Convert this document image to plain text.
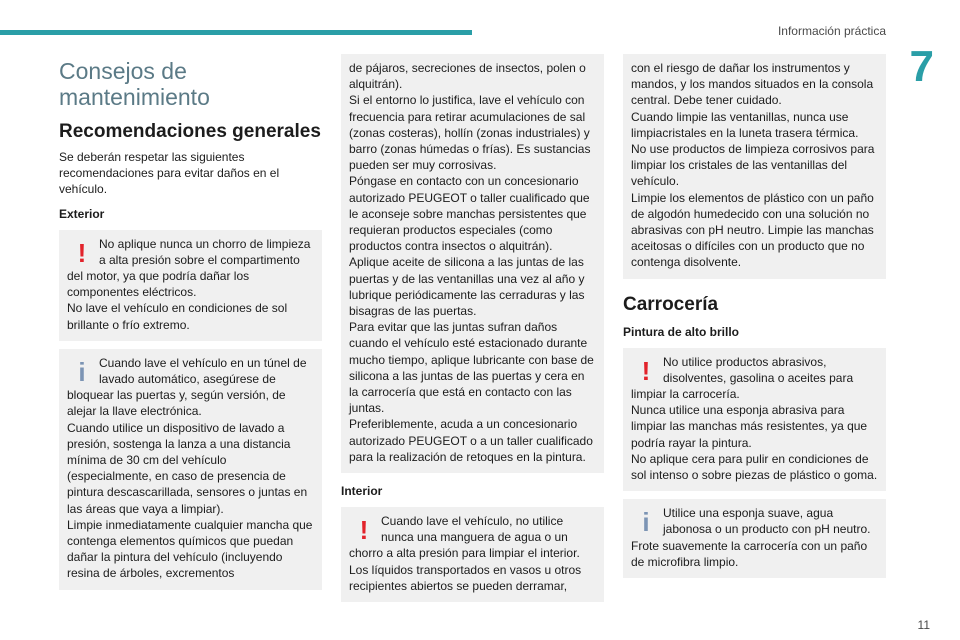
Información práctica
7
Consejos de mantenimiento
Recomendaciones generales
Se deberán respetar las siguientes recomendaciones para evitar daños en el vehículo.
Exterior
!	No aplique nunca un chorro de limpieza a alta presión sobre el compartimento del motor, ya que podría dañar los componentes eléctricos.
No lave el vehículo en condiciones de sol brillante o frío extremo.
i	Cuando lave el vehículo en un túnel de lavado automático, asegúrese de bloquear las puertas y, según versión, de alejar la llave electrónica.
Cuando utilice un dispositivo de lavado a presión, sostenga la lanza a una distancia mínima de 30 cm del vehículo (especialmente, en caso de presencia de pintura descascarillada, sensores o juntas en las áreas que vaya a limpiar).
Limpie inmediatamente cualquier mancha que contenga elementos químicos que puedan dañar la pintura del vehículo (incluyendo resina de árboles, excrementos
de pájaros, secreciones de insectos, polen o alquitrán).
Si el entorno lo justifica, lave el vehículo con frecuencia para retirar acumulaciones de sal (zonas costeras), hollín (zonas industriales) y barro (zonas húmedas o frías). Es sustancias pueden ser muy corrosivas.
Póngase en contacto con un concesionario autorizado PEUGEOT o taller cualificado que le aconseje sobre manchas persistentes que requieran productos especiales (como productos contra insectos o alquitrán).
Aplique aceite de silicona a las juntas de las puertas y de las ventanillas una vez al año y lubrique periódicamente las cerraduras y las bisagras de las puertas.
Para evitar que las juntas sufran daños cuando el vehículo esté estacionado durante mucho tiempo, aplique lubricante con base de silicona a las juntas de las puertas y cera en la carrocería que está en contacto con las juntas.
Preferiblemente, acuda a un concesionario autorizado PEUGEOT o a un taller cualificado para la realización de retoques en la pintura.
Interior
!	Cuando lave el vehículo, no utilice nunca una manguera de agua o un chorro a alta presión para limpiar el interior.
Los líquidos transportados en vasos u otros recipientes abiertos se pueden derramar,
con el riesgo de dañar los instrumentos y mandos, y los mandos situados en la consola central. Debe tener cuidado.
Cuando limpie las ventanillas, nunca use limpiacristales en la luneta trasera térmica.
No use productos de limpieza corrosivos para limpiar los cristales de las ventanillas del vehículo.
Limpie los elementos de plástico con un paño de algodón humedecido con una solución no abrasivas con pH neutro. Limpie las manchas aceitosas o difíciles con un producto que no contenga disolvente.
Carrocería
Pintura de alto brillo
!	No utilice productos abrasivos, disolventes, gasolina o aceites para limpiar la carrocería.
Nunca utilice una esponja abrasiva para limpiar las manchas más resistentes, ya que podría rayar la pintura.
No aplique cera para pulir en condiciones de sol intenso o sobre piezas de plástico o goma.
i	Utilice una esponja suave, agua jabonosa o un producto con pH neutro.
Frote suavemente la carrocería con un paño de microfibra limpio.
11
